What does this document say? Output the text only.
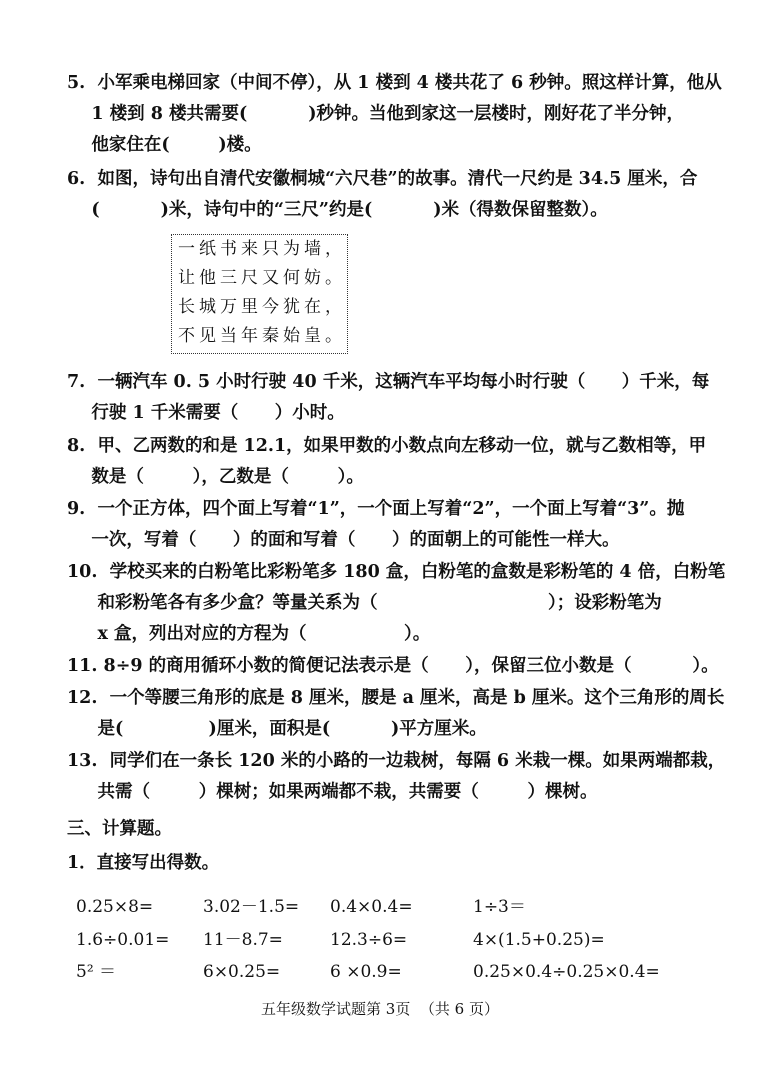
5.  小军乘电梯回家（中间不停），从 1 楼到 4 楼共花了 6 秒钟。照这样计算，他从
1 楼到 8 楼共需要(          )秒钟。当他到家这一层楼时，刚好花了半分钟，
他家住在(        )楼。
6.  如图，诗句出自清代安徽桐城“六尺巷”的故事。清代一尺约是 34.5 厘米，合
(          )米，诗句中的“三尺”约是(          )米（得数保留整数）。
一纸书来只为墙，
让他三尺又何妨。
长城万里今犹在，
不见当年秦始皇。
7.  一辆汽车 0. 5 小时行驶 40 千米，这辆汽车平均每小时行驶（      ）千米，每
行驶 1 千米需要（      ）小时。
8.  甲、乙两数的和是 12.1，如果甲数的小数点向左移动一位，就与乙数相等，甲
数是（        ），乙数是（        ）。
9.  一个正方体，四个面上写着“1”，一个面上写着“2”，一个面上写着“3”。抛
一次，写着（      ）的面和写着（      ）的面朝上的可能性一样大。
10.  学校买来的白粉笔比彩粉笔多 180 盒，白粉笔的盒数是彩粉笔的 4 倍，白粉笔
和彩粉笔各有多少盒？等量关系为（                            ）；设彩粉笔为
x 盒，列出对应的方程为（                ）。
11. 8÷9 的商用循环小数的简便记法表示是（      ），保留三位小数是（          ）。
12.  一个等腰三角形的底是 8 厘米，腰是 a 厘米，高是 b 厘米。这个三角形的周长
是(              )厘米，面积是(          )平方厘米。
13.  同学们在一条长 120 米的小路的一边栽树，每隔 6 米栽一棵。如果两端都栽，
共需（        ）棵树；如果两端都不栽，共需要（        ）棵树。
三、计算题。
1．直接写出得数。
0.25×8=	3.02－1.5= 0.4×0.4=	1÷3＝
1.6÷0.01= 11－8.7=	12.3÷6=	4×(1.5+0.25)=
5² ＝	6×0.25=	6 ×0.9=	0.25×0.4÷0.25×0.4=
五年级数学试题第 3页  （共 6 页）
